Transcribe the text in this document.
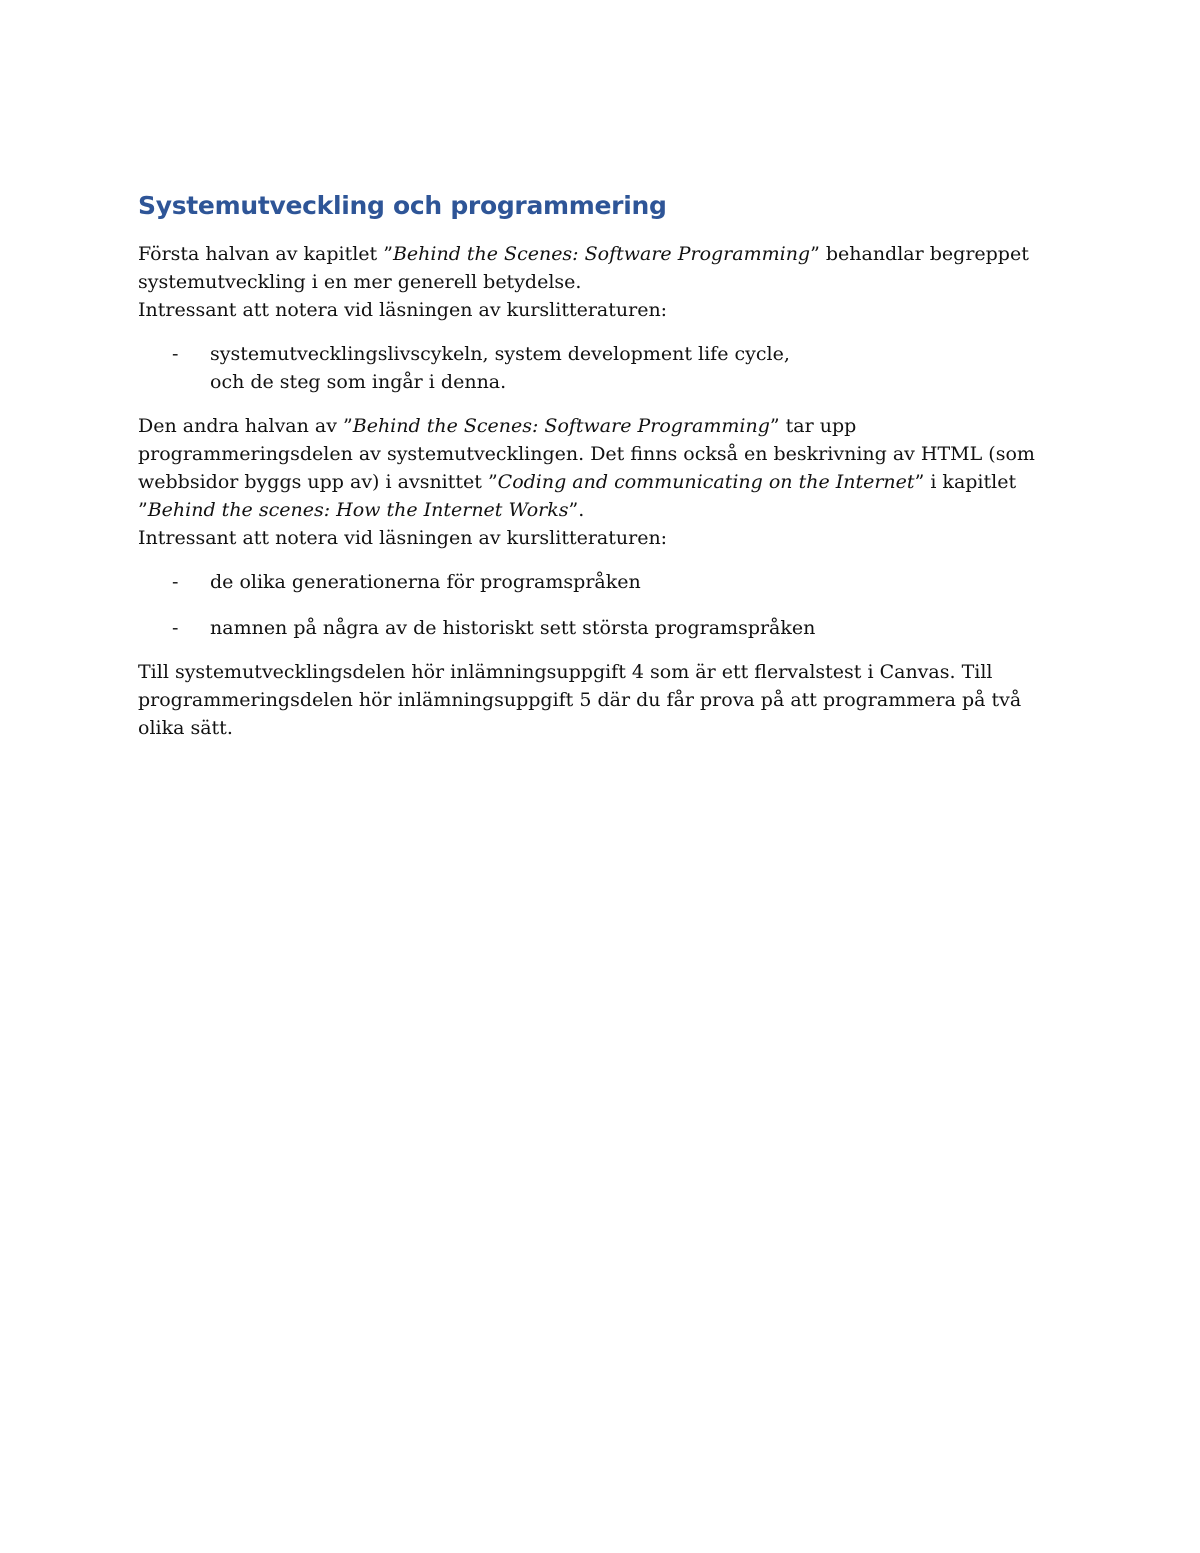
Systemutveckling och programmering

Första halvan av kapitlet ”Behind the Scenes: Software Programming” behandlar begreppet systemutveckling i en mer generell betydelse.

Intressant att notera vid läsningen av kurslitteraturen:

- systemutvecklingslivscykeln, system development life cycle,
och de steg som ingår i denna.

Den andra halvan av ”Behind the Scenes: Software Programming” tar upp programmeringsdelen av systemutvecklingen. Det finns också en beskrivning av HTML (som webbsidor byggs upp av) i avsnittet ”Coding and communicating on the Internet” i kapitlet ”Behind the scenes: How the Internet Works”.

Intressant att notera vid läsningen av kurslitteraturen:

- de olika generationerna för programspråken
- namnen på några av de historiskt sett största programspråken

Till systemutvecklingsdelen hör inlämningsuppgift 4 som är ett flervalstest i Canvas. Till programmeringsdelen hör inlämningsuppgift 5 där du får prova på att programmera på två olika sätt.
